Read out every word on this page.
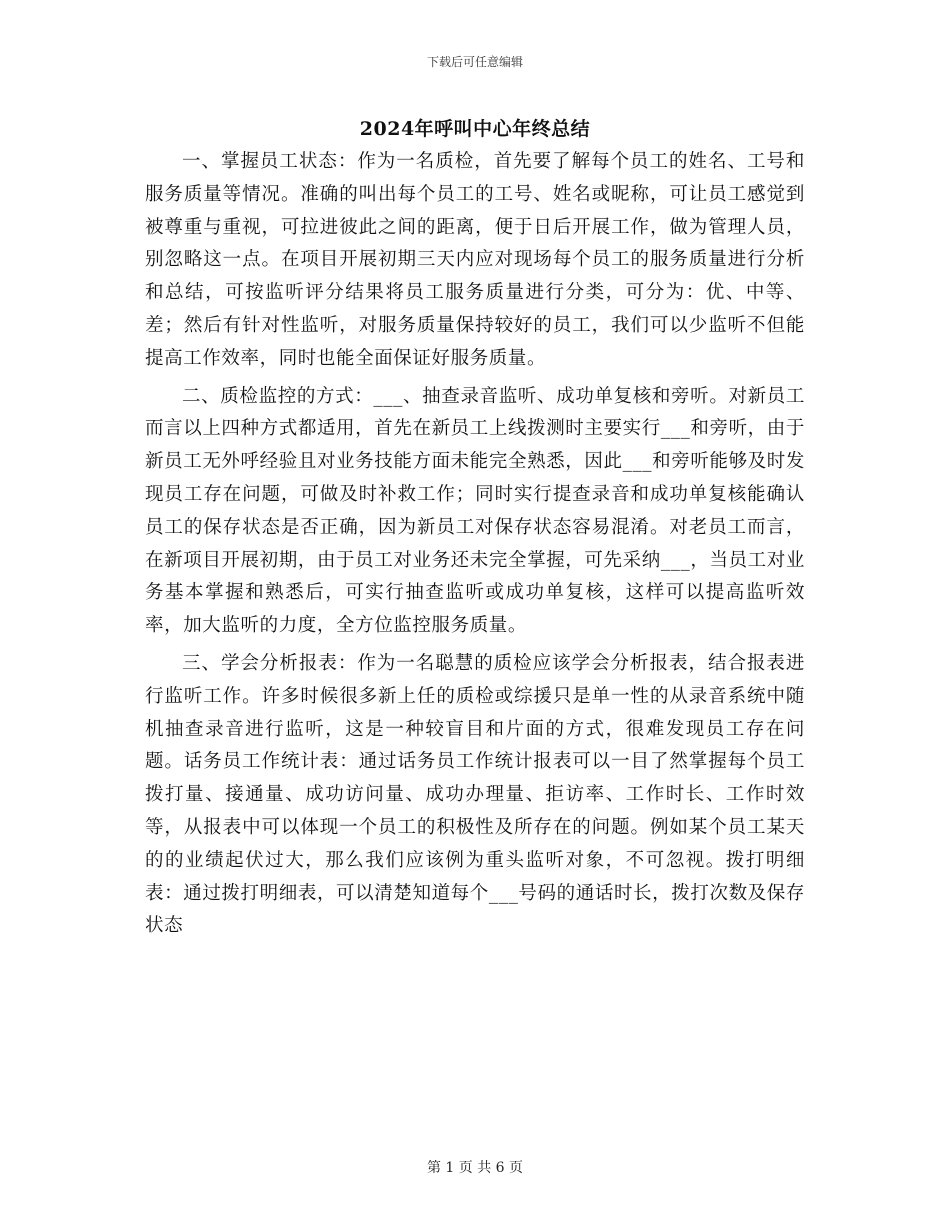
下载后可任意编辑
2024年呼叫中心年终总结

一、掌握员工状态：作为一名质检，首先要了解每个员工的姓名、工号和服务质量等情况。准确的叫出每个员工的工号、姓名或昵称，可让员工感觉到被尊重与重视，可拉进彼此之间的距离，便于日后开展工作，做为管理人员，别忽略这一点。在项目开展初期三天内应对现场每个员工的服务质量进行分析和总结，可按监听评分结果将员工服务质量进行分类，可分为：优、中等、差；然后有针对性监听，对服务质量保持较好的员工，我们可以少监听不但能提高工作效率，同时也能全面保证好服务质量。

二、质检监控的方式：___、抽查录音监听、成功单复核和旁听。对新员工而言以上四种方式都适用，首先在新员工上线拨测时主要实行___和旁听，由于新员工无外呼经验且对业务技能方面未能完全熟悉，因此___和旁听能够及时发现员工存在问题，可做及时补救工作；同时实行提查录音和成功单复核能确认员工的保存状态是否正确，因为新员工对保存状态容易混淆。对老员工而言，在新项目开展初期，由于员工对业务还未完全掌握，可先采纳___，当员工对业务基本掌握和熟悉后，可实行抽查监听或成功单复核，这样可以提高监听效率，加大监听的力度，全方位监控服务质量。

三、学会分析报表：作为一名聪慧的质检应该学会分析报表，结合报表进行监听工作。许多时候很多新上任的质检或综援只是单一性的从录音系统中随机抽查录音进行监听，这是一种较盲目和片面的方式，很难发现员工存在问题。话务员工作统计表：通过话务员工作统计报表可以一目了然掌握每个员工拨打量、接通量、成功访问量、成功办理量、拒访率、工作时长、工作时效等，从报表中可以体现一个员工的积极性及所存在的问题。例如某个员工某天的的业绩起伏过大，那么我们应该例为重头监听对象，不可忽视。拨打明细表：通过拨打明细表，可以清楚知道每个___号码的通话时长，拨打次数及保存状态

第 1 页 共 6 页
